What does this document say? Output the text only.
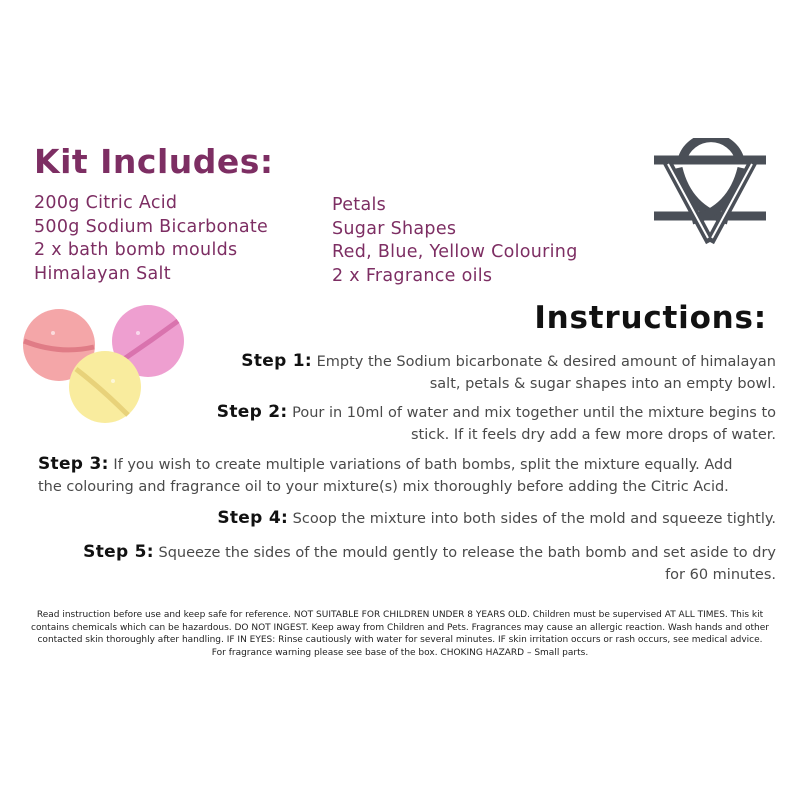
Kit Includes:
200g Citric Acid
500g Sodium Bicarbonate
2 x bath bomb moulds
Himalayan Salt
Petals
Sugar Shapes
Red, Blue, Yellow Colouring
2 x Fragrance oils
Instructions:

Step 1: Empty the Sodium bicarbonate & desired amount of himalayan
salt, petals & sugar shapes into an empty bowl.

Step 2: Pour in 10ml of water and mix together until the mixture begins to
stick. If it feels dry add a few more drops of water.

Step 3: If you wish to create multiple variations of bath bombs, split the mixture equally. Add
the colouring and fragrance oil to your mixture(s) mix thoroughly before adding the Citric Acid.

Step 4: Scoop the mixture into both sides of the mold and squeeze tightly.

Step 5: Squeeze the sides of the mould gently to release the bath bomb and set aside to dry
for 60 minutes.

Read instruction before use and keep safe for reference. NOT SUITABLE FOR CHILDREN UNDER 8 YEARS OLD. Children must be supervised AT ALL TIMES. This kit contains chemicals which can be hazardous. DO NOT INGEST. Keep away from Children and Pets. Fragrances may cause an allergic reaction. Wash hands and other contacted skin thoroughly after handling. IF IN EYES: Rinse cautiously with water for several minutes. IF skin irritation occurs or rash occurs, see medical advice. For fragrance warning please see base of the box. CHOKING HAZARD – Small parts.
